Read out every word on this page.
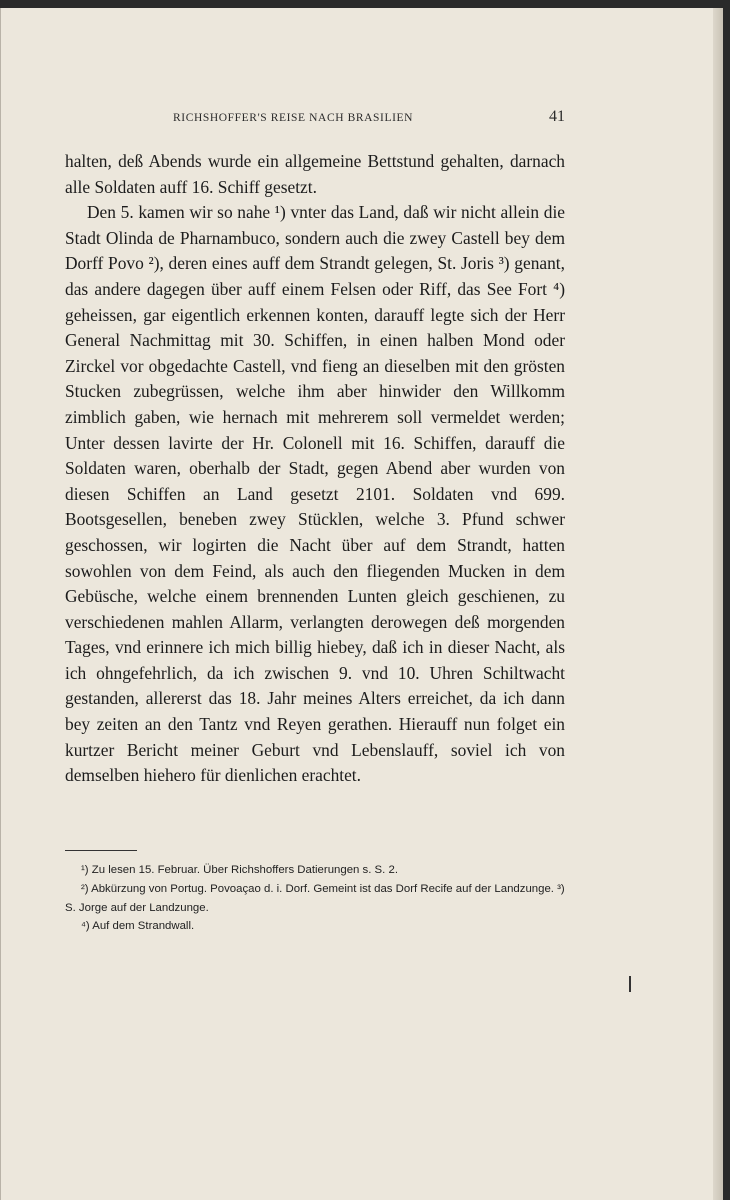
RICHSHOFFER'S REISE NACH BRASILIEN	41

halten, deß Abends wurde ein allgemeine Bettstund gehalten, darnach alle Soldaten auff 16. Schiff gesetzt.

Den 5. kamen wir so nahe ¹) vnter das Land, daß wir nicht allein die Stadt Olinda de Pharnambuco, sondern auch die zwey Castell bey dem Dorff Povo ²), deren eines auff dem Strandt gelegen, St. Joris ³) genant, das andere dagegen über auff einem Felsen oder Riff, das See Fort ⁴) geheissen, gar eigentlich erkennen konten, darauff legte sich der Herr General Nachmittag mit 30. Schiffen, in einen halben Mond oder Zirckel vor obgedachte Castell, vnd fieng an dieselben mit den grösten Stucken zubegrüssen, welche ihm aber hinwider den Willkomm zimblich gaben, wie hernach mit mehrerem soll vermeldet werden; Unter dessen lavirte der Hr. Colonell mit 16. Schiffen, darauff die Soldaten waren, oberhalb der Stadt, gegen Abend aber wurden von diesen Schiffen an Land gesetzt 2101. Soldaten vnd 699. Bootsgesellen, beneben zwey Stücklen, welche 3. Pfund schwer geschossen, wir logirten die Nacht über auf dem Strandt, hatten sowohlen von dem Feind, als auch den fliegenden Mucken in dem Gebüsche, welche einem brennenden Lunten gleich geschienen, zu verschiedenen mahlen Allarm, verlangten derowegen deß morgenden Tages, vnd erinnere ich mich billig hiebey, daß ich in dieser Nacht, als ich ohngefehrlich, da ich zwischen 9. vnd 10. Uhren Schiltwacht gestanden, allererst das 18. Jahr meines Alters erreichet, da ich dann bey zeiten an den Tantz vnd Reyen gerathen. Hierauff nun folget ein kurtzer Bericht meiner Geburt vnd Lebenslauff, soviel ich von demselben hiehero für dienlichen erachtet.

¹) Zu lesen 15. Februar. Über Richshoffers Datierungen s. S. 2.

²) Abkürzung von Portug. Povoaçao d. i. Dorf. Gemeint ist das Dorf Recife auf der Landzunge. ³) S. Jorge auf der Landzunge.

⁴) Auf dem Strandwall.
